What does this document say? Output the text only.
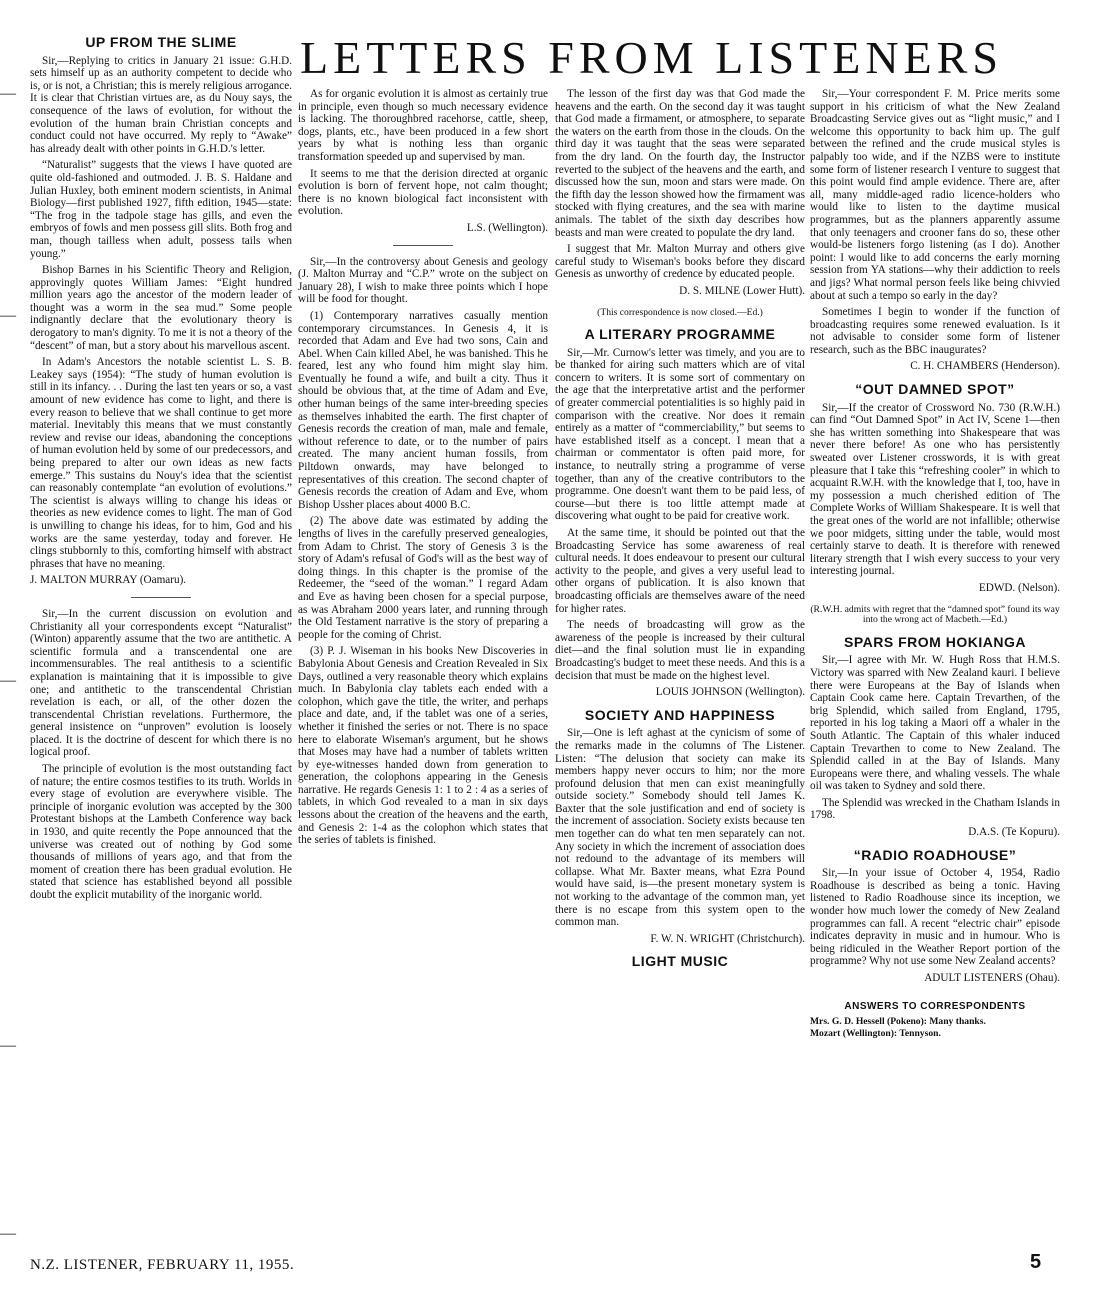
LETTERS FROM LISTENERS
—
—
—
—
—
UP FROM THE SLIME

Sir,—Replying to critics in January 21 issue: G.H.D. sets himself up as an authority competent to decide who is, or is not, a Christian; this is merely religious arrogance. It is clear that Christian virtues are, as du Nouy says, the consequence of the laws of evolution, for without the evolution of the human brain Christian concepts and conduct could not have occurred. My reply to “Awake” has already dealt with other points in G.H.D.'s letter.

“Naturalist” suggests that the views I have quoted are quite old-fashioned and outmoded. J. B. S. Haldane and Julian Huxley, both eminent modern scientists, in Animal Biology—first published 1927, fifth edition, 1945—state: “The frog in the tadpole stage has gills, and even the embryos of fowls and men possess gill slits. Both frog and man, though tailless when adult, possess tails when young.”

Bishop Barnes in his Scientific Theory and Religion, approvingly quotes William James: “Eight hundred million years ago the ancestor of the modern leader of thought was a worm in the sea mud.” Some people indignantly declare that the evolutionary theory is derogatory to man's dignity. To me it is not a theory of the “descent” of man, but a story about his marvellous ascent.

In Adam's Ancestors the notable scientist L. S. B. Leakey says (1954): “The study of human evolution is still in its infancy. . . During the last ten years or so, a vast amount of new evidence has come to light, and there is every reason to believe that we shall continue to get more material. Inevitably this means that we must constantly review and revise our ideas, abandoning the conceptions of human evolution held by some of our predecessors, and being prepared to alter our own ideas as new facts emerge.” This sustains du Nouy's idea that the scientist can reasonably contemplate “an evolution of evolutions.” The scientist is always willing to change his ideas or theories as new evidence comes to light. The man of God is unwilling to change his ideas, for to him, God and his works are the same yesterday, today and forever. He clings stubbornly to this, comforting himself with abstract phrases that have no meaning.

J. MALTON MURRAY (Oamaru).

Sir,—In the current discussion on evolution and Christianity all your correspondents except “Naturalist” (Winton) apparently assume that the two are antithetic. A scientific formula and a transcendental one are incommensurables. The real antithesis to a scientific explanation is maintaining that it is impossible to give one; and antithetic to the transcendental Christian revelation is each, or all, of the other dozen the transcendental Christian revelations. Furthermore, the general insistence on “unproven” evolution is loosely placed. It is the doctrine of descent for which there is no logical proof.

The principle of evolution is the most outstanding fact of nature; the entire cosmos testifies to its truth. Worlds in every stage of evolution are everywhere visible. The principle of inorganic evolution was accepted by the 300 Protestant bishops at the Lambeth Conference way back in 1930, and quite recently the Pope announced that the universe was created out of nothing by God some thousands of millions of years ago, and that from the moment of creation there has been gradual evolution. He stated that science has established beyond all possible doubt the explicit mutability of the inorganic world.

As for organic evolution it is almost as certainly true in principle, even though so much necessary evidence is lacking. The thoroughbred racehorse, cattle, sheep, dogs, plants, etc., have been produced in a few short years by what is nothing less than organic transformation speeded up and supervised by man.

It seems to me that the derision directed at organic evolution is born of fervent hope, not calm thought; there is no known biological fact inconsistent with evolution.

L.S. (Wellington).

Sir,—In the controversy about Genesis and geology (J. Malton Murray and “C.P.” wrote on the subject on January 28), I wish to make three points which I hope will be food for thought.

(1) Contemporary narratives casually mention contemporary circumstances. In Genesis 4, it is recorded that Adam and Eve had two sons, Cain and Abel. When Cain killed Abel, he was banished. This he feared, lest any who found him might slay him. Eventually he found a wife, and built a city. Thus it should be obvious that, at the time of Adam and Eve, other human beings of the same inter-breeding species as themselves inhabited the earth. The first chapter of Genesis records the creation of man, male and female, without reference to date, or to the number of pairs created. The many ancient human fossils, from Piltdown onwards, may have belonged to representatives of this creation. The second chapter of Genesis records the creation of Adam and Eve, whom Bishop Ussher places about 4000 B.C.

(2) The above date was estimated by adding the lengths of lives in the carefully preserved genealogies, from Adam to Christ. The story of Genesis 3 is the story of Adam's refusal of God's will as the best way of doing things. In this chapter is the promise of the Redeemer, the “seed of the woman.” I regard Adam and Eve as having been chosen for a special purpose, as was Abraham 2000 years later, and running through the Old Testament narrative is the story of preparing a people for the coming of Christ.

(3) P. J. Wiseman in his books New Discoveries in Babylonia About Genesis and Creation Revealed in Six Days, outlined a very reasonable theory which explains much. In Babylonia clay tablets each ended with a colophon, which gave the title, the writer, and perhaps place and date, and, if the tablet was one of a series, whether it finished the series or not. There is no space here to elaborate Wiseman's argument, but he shows that Moses may have had a number of tablets written by eye-witnesses handed down from generation to generation, the colophons appearing in the Genesis narrative. He regards Genesis 1: 1 to 2 : 4 as a series of tablets, in which God revealed to a man in six days lessons about the creation of the heavens and the earth, and Genesis 2: 1-4 as the colophon which states that the series of tablets is finished.

The lesson of the first day was that God made the heavens and the earth. On the second day it was taught that God made a firmament, or atmosphere, to separate the waters on the earth from those in the clouds. On the third day it was taught that the seas were separated from the dry land. On the fourth day, the Instructor reverted to the subject of the heavens and the earth, and discussed how the sun, moon and stars were made. On the fifth day the lesson showed how the firmament was stocked with flying creatures, and the sea with marine animals. The tablet of the sixth day describes how beasts and man were created to populate the dry land.

I suggest that Mr. Malton Murray and others give careful study to Wiseman's books before they discard Genesis as unworthy of credence by educated people.

D. S. MILNE (Lower Hutt).

(This correspondence is now closed.—Ed.)

A LITERARY PROGRAMME

Sir,—Mr. Curnow's letter was timely, and you are to be thanked for airing such matters which are of vital concern to writers. It is some sort of commentary on the age that the interpretative artist and the performer of greater commercial potentialities is so highly paid in comparison with the creative. Nor does it remain entirely as a matter of “commerciability,” but seems to have established itself as a concept. I mean that a chairman or commentator is often paid more, for instance, to neutrally string a programme of verse together, than any of the creative contributors to the programme. One doesn't want them to be paid less, of course—but there is too little attempt made at discovering what ought to be paid for creative work.

At the same time, it should be pointed out that the Broadcasting Service has some awareness of real cultural needs. It does endeavour to present our cultural activity to the people, and gives a very useful lead to other organs of publication. It is also known that broadcasting officials are themselves aware of the need for higher rates.

The needs of broadcasting will grow as the awareness of the people is increased by their cultural diet—and the final solution must lie in expanding Broadcasting's budget to meet these needs. And this is a decision that must be made on the highest level.

LOUIS JOHNSON (Wellington).

SOCIETY AND HAPPINESS

Sir,—One is left aghast at the cynicism of some of the remarks made in the columns of The Listener. Listen: “The delusion that society can make its members happy never occurs to him; nor the more profound delusion that men can exist meaningfully outside society.” Somebody should tell James K. Baxter that the sole justification and end of society is the increment of association. Society exists because ten men together can do what ten men separately can not. Any society in which the increment of association does not redound to the advantage of its members will collapse. What Mr. Baxter means, what Ezra Pound would have said, is—the present monetary system is not working to the advantage of the common man, yet there is no escape from this system open to the common man.

F. W. N. WRIGHT (Christchurch).

LIGHT MUSIC

Sir,—Your correspondent F. M. Price merits some support in his criticism of what the New Zealand Broadcasting Service gives out as “light music,” and I welcome this opportunity to back him up. The gulf between the refined and the crude musical styles is palpably too wide, and if the NZBS were to institute some form of listener research I venture to suggest that this point would find ample evidence. There are, after all, many middle-aged radio licence-holders who would like to listen to the daytime musical programmes, but as the planners apparently assume that only teenagers and crooner fans do so, these other would-be listeners forgo listening (as I do). Another point: I would like to add concerns the early morning session from YA stations—why their addiction to reels and jigs? What normal person feels like being chivvied about at such a tempo so early in the day?

Sometimes I begin to wonder if the function of broadcasting requires some renewed evaluation. Is it not advisable to consider some form of listener research, such as the BBC inaugurates?

C. H. CHAMBERS (Henderson).

“OUT DAMNED SPOT”

Sir,—If the creator of Crossword No. 730 (R.W.H.) can find “Out Damned Spot” in Act IV, Scene 1—then she has written something into Shakespeare that was never there before! As one who has persistently sweated over Listener crosswords, it is with great pleasure that I take this “refreshing cooler” in which to acquaint R.W.H. with the knowledge that I, too, have in my possession a much cherished edition of The Complete Works of William Shakespeare. It is well that the great ones of the world are not infallible; otherwise we poor midgets, sitting under the table, would most certainly starve to death. It is therefore with renewed literary strength that I wish every success to your very interesting journal.

EDWD. (Nelson).

(R.W.H. admits with regret that the “damned spot” found its way into the wrong act of Macbeth.—Ed.)

SPARS FROM HOKIANGA

Sir,—I agree with Mr. W. Hugh Ross that H.M.S. Victory was sparred with New Zealand kauri. I believe there were Europeans at the Bay of Islands when Captain Cook came here. Captain Trevarthen, of the brig Splendid, which sailed from England, 1795, reported in his log taking a Maori off a whaler in the South Atlantic. The Captain of this whaler induced Captain Trevarthen to come to New Zealand. The Splendid called in at the Bay of Islands. Many Europeans were there, and whaling vessels. The whale oil was taken to Sydney and sold there.

The Splendid was wrecked in the Chatham Islands in 1798.

D.A.S. (Te Kopuru).

“RADIO ROADHOUSE”

Sir,—In your issue of October 4, 1954, Radio Roadhouse is described as being a tonic. Having listened to Radio Roadhouse since its inception, we wonder how much lower the comedy of New Zealand programmes can fall. A recent “electric chair” episode indicates depravity in music and in humour. Who is being ridiculed in the Weather Report portion of the programme? Why not use some New Zealand accents?

ADULT LISTENERS (Ohau).

ANSWERS TO CORRESPONDENTS

Mrs. G. D. Hessell (Pokeno): Many thanks.

Mozart (Wellington): Tennyson.

N.Z. LISTENER, FEBRUARY 11, 1955.	5
